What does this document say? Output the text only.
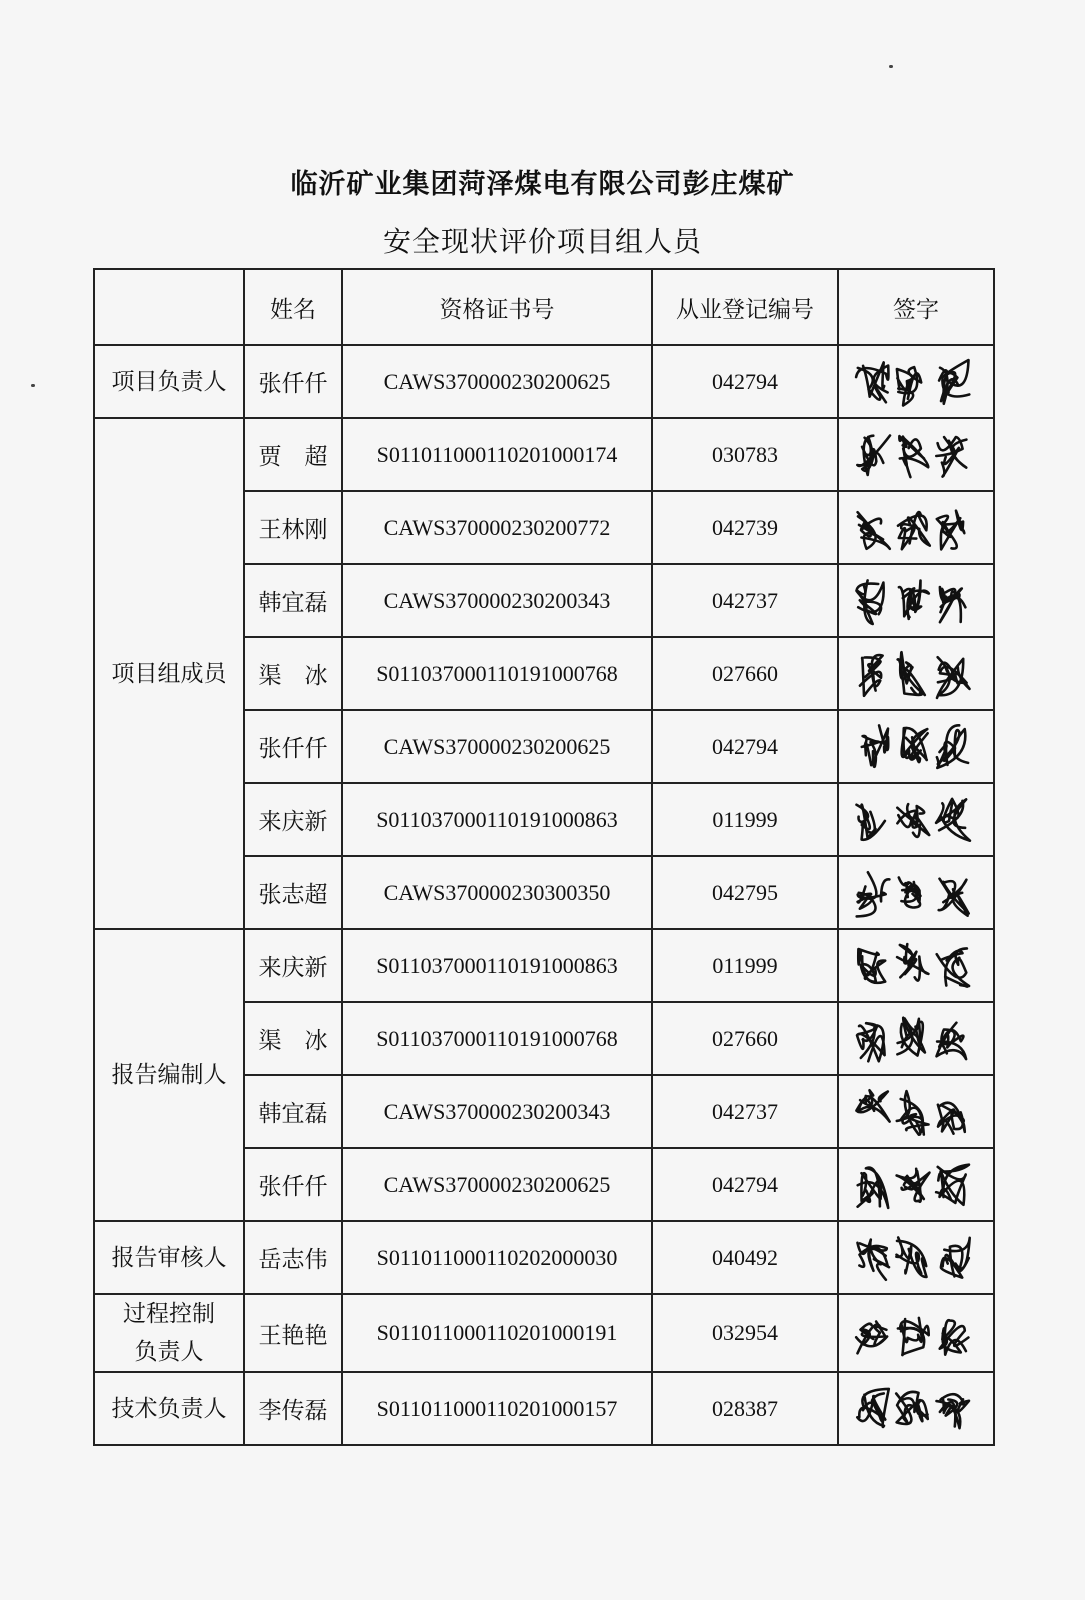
临沂矿业集团菏泽煤电有限公司彭庄煤矿
安全现状评价项目组人员
	姓名	资格证书号	从业登记编号	签字
项目负责人	张仟仟	CAWS370000230200625	042794	

项目组成员	贾　超	S011011000110201000174	030783	

	王林刚	CAWS370000230200772	042739	

	韩宜磊	CAWS370000230200343	042737	

	渠　冰	S011037000110191000768	027660	

	张仟仟	CAWS370000230200625	042794	

	来庆新	S011037000110191000863	011999	

	张志超	CAWS370000230300350	042795	

报告编制人	来庆新	S011037000110191000863	011999	

	渠　冰	S011037000110191000768	027660	

	韩宜磊	CAWS370000230200343	042737	

	张仟仟	CAWS370000230200625	042794	

报告审核人	岳志伟	S011011000110202000030	040492	

过程控制
负责人	王艳艳	S011011000110201000191	032954	

技术负责人	李传磊	S011011000110201000157	028387	
